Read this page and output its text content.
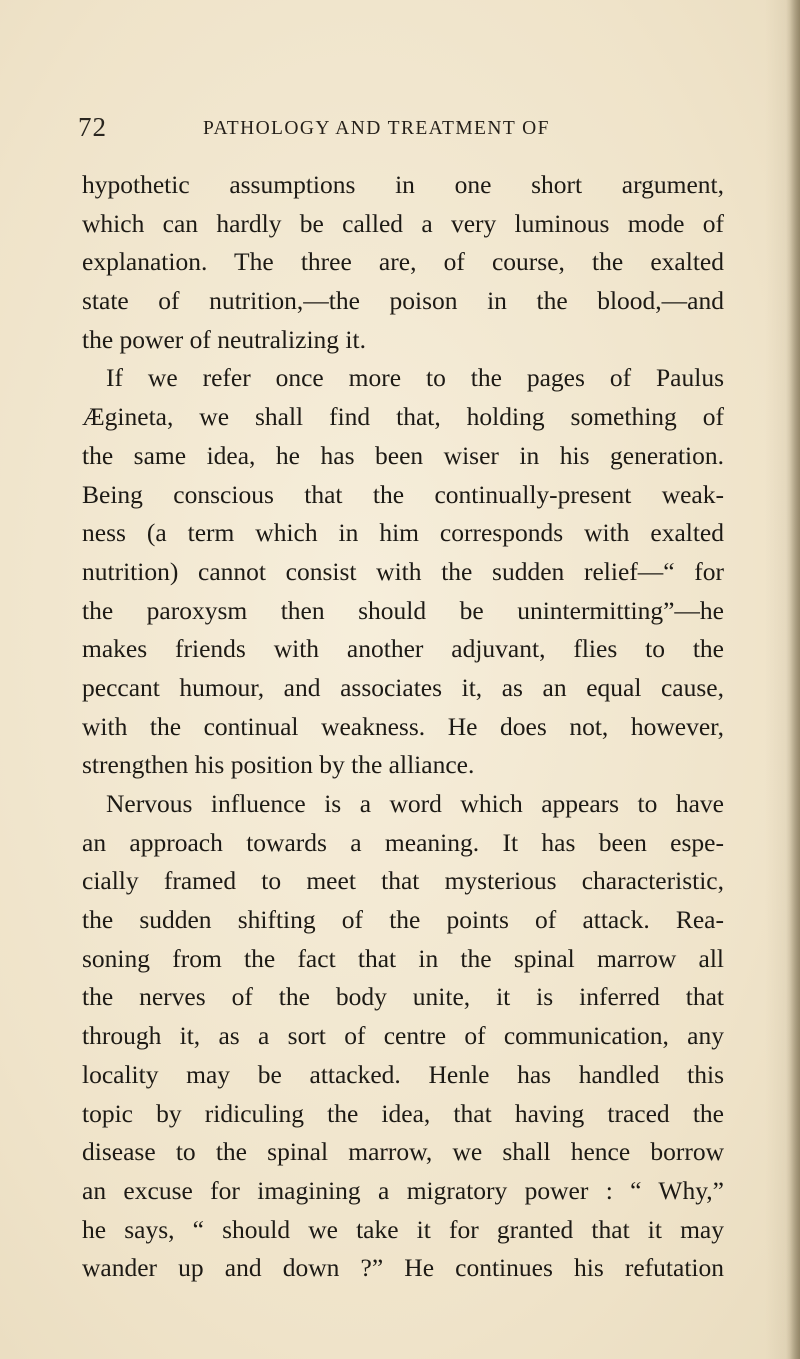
72	PATHOLOGY AND TREATMENT OF
hypothetic assumptions in one short argument,
which can hardly be called a very luminous mode of
explanation. The three are, of course, the exalted
state of nutrition,—the poison in the blood,—and
the power of neutralizing it.
If we refer once more to the pages of Paulus
Ægineta, we shall find that, holding something of
the same idea, he has been wiser in his generation.
Being conscious that the continually-present weak-
ness (a term which in him corresponds with exalted
nutrition) cannot consist with the sudden relief—“ for
the paroxysm then should be unintermitting”—he
makes friends with another adjuvant, flies to the
peccant humour, and associates it, as an equal cause,
with the continual weakness. He does not, however,
strengthen his position by the alliance.
Nervous influence is a word which appears to have
an approach towards a meaning. It has been espe-
cially framed to meet that mysterious characteristic,
the sudden shifting of the points of attack. Rea-
soning from the fact that in the spinal marrow all
the nerves of the body unite, it is inferred that
through it, as a sort of centre of communication, any
locality may be attacked. Henle has handled this
topic by ridiculing the idea, that having traced the
disease to the spinal marrow, we shall hence borrow
an excuse for imagining a migratory power : “ Why,”
he says, “ should we take it for granted that it may
wander up and down ?” He continues his refutation
